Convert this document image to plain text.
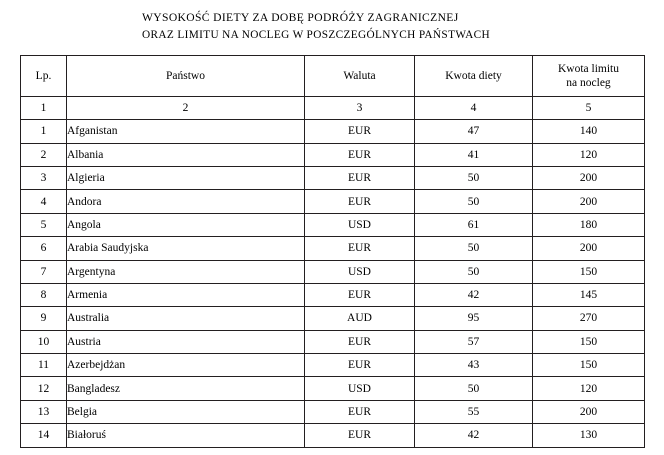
WYSOKOŚĆ DIETY ZA DOBĘ PODRÓŻY ZAGRANICZNEJ
ORAZ LIMITU NA NOCLEG W POSZCZEGÓLNYCH PAŃSTWACH
Lp.	Państwo	Waluta	Kwota diety	Kwota limitu
na nocleg

1	2	3	4	5
1	Afganistan	EUR	47	140
2	Albania	EUR	41	120
3	Algieria	EUR	50	200
4	Andora	EUR	50	200
5	Angola	USD	61	180
6	Arabia Saudyjska	EUR	50	200
7	Argentyna	USD	50	150
8	Armenia	EUR	42	145
9	Australia	AUD	95	270
10	Austria	EUR	57	150
11	Azerbejdżan	EUR	43	150
12	Bangladesz	USD	50	120
13	Belgia	EUR	55	200
14	Białoruś	EUR	42	130
